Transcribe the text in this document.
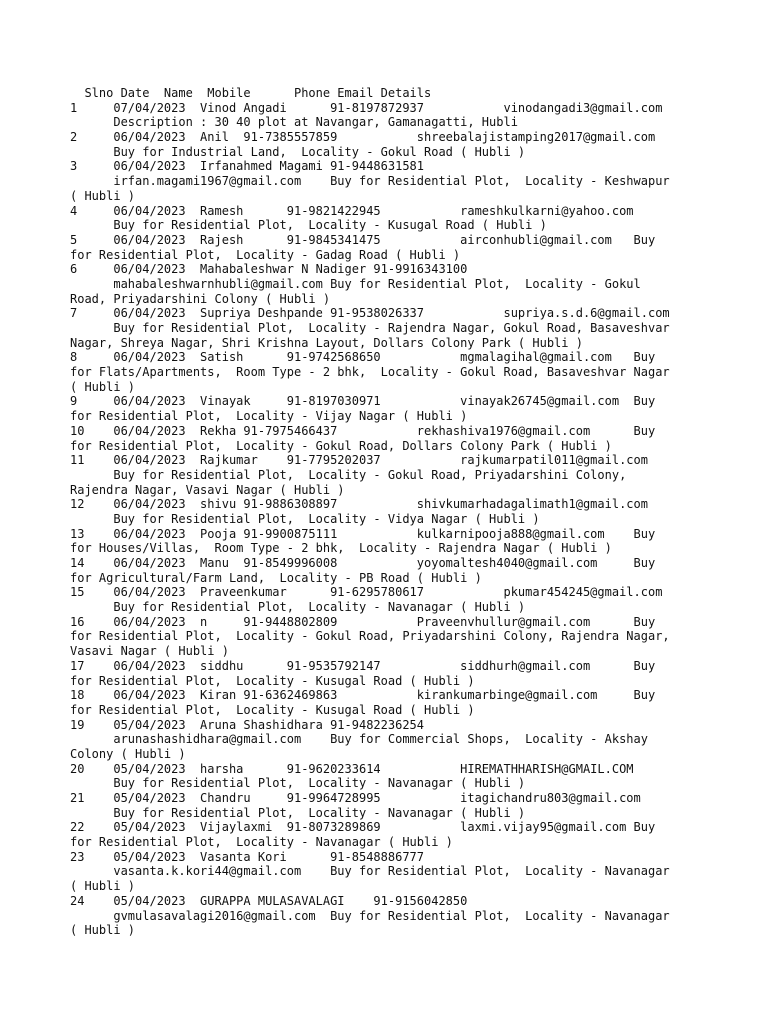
Slno Date  Name  Mobile      Phone Email Details
1     07/04/2023  Vinod Angadi      91-8197872937           vinodangadi3@gmail.com
Description : 30 40 plot at Navangar, Gamanagatti, Hubli
2     06/04/2023  Anil  91-7385557859           shreebalajistamping2017@gmail.com
Buy for Industrial Land,  Locality - Gokul Road ( Hubli )
3     06/04/2023  Irfanahmed Magami 91-9448631581
irfan.magami1967@gmail.com    Buy for Residential Plot,  Locality - Keshwapur
( Hubli )
4     06/04/2023  Ramesh      91-9821422945           rameshkulkarni@yahoo.com
Buy for Residential Plot,  Locality - Kusugal Road ( Hubli )
5     06/04/2023  Rajesh      91-9845341475           airconhubli@gmail.com   Buy
for Residential Plot,  Locality - Gadag Road ( Hubli )
6     06/04/2023  Mahabaleshwar N Nadiger 91-9916343100
mahabaleshwarnhubli@gmail.com Buy for Residential Plot,  Locality - Gokul
Road, Priyadarshini Colony ( Hubli )
7     06/04/2023  Supriya Deshpande 91-9538026337           supriya.s.d.6@gmail.com
Buy for Residential Plot,  Locality - Rajendra Nagar, Gokul Road, Basaveshvar
Nagar, Shreya Nagar, Shri Krishna Layout, Dollars Colony Park ( Hubli )
8     06/04/2023  Satish      91-9742568650           mgmalagihal@gmail.com   Buy
for Flats/Apartments,  Room Type - 2 bhk,  Locality - Gokul Road, Basaveshvar Nagar
( Hubli )
9     06/04/2023  Vinayak     91-8197030971           vinayak26745@gmail.com  Buy
for Residential Plot,  Locality - Vijay Nagar ( Hubli )
10    06/04/2023  Rekha 91-7975466437           rekhashiva1976@gmail.com      Buy
for Residential Plot,  Locality - Gokul Road, Dollars Colony Park ( Hubli )
11    06/04/2023  Rajkumar    91-7795202037           rajkumarpatil011@gmail.com
Buy for Residential Plot,  Locality - Gokul Road, Priyadarshini Colony,
Rajendra Nagar, Vasavi Nagar ( Hubli )
12    06/04/2023  shivu 91-9886308897           shivkumarhadagalimath1@gmail.com
Buy for Residential Plot,  Locality - Vidya Nagar ( Hubli )
13    06/04/2023  Pooja 91-9900875111           kulkarnipooja888@gmail.com    Buy
for Houses/Villas,  Room Type - 2 bhk,  Locality - Rajendra Nagar ( Hubli )
14    06/04/2023  Manu  91-8549996008           yoyomaltesh4040@gmail.com     Buy
for Agricultural/Farm Land,  Locality - PB Road ( Hubli )
15    06/04/2023  Praveenkumar      91-6295780617           pkumar454245@gmail.com
Buy for Residential Plot,  Locality - Navanagar ( Hubli )
16    06/04/2023  n     91-9448802809           Praveenvhullur@gmail.com      Buy
for Residential Plot,  Locality - Gokul Road, Priyadarshini Colony, Rajendra Nagar,
Vasavi Nagar ( Hubli )
17    06/04/2023  siddhu      91-9535792147           siddhurh@gmail.com      Buy
for Residential Plot,  Locality - Kusugal Road ( Hubli )
18    06/04/2023  Kiran 91-6362469863           kirankumarbinge@gmail.com     Buy
for Residential Plot,  Locality - Kusugal Road ( Hubli )
19    05/04/2023  Aruna Shashidhara 91-9482236254
arunashashidhara@gmail.com    Buy for Commercial Shops,  Locality - Akshay
Colony ( Hubli )
20    05/04/2023  harsha      91-9620233614           HIREMATHHARISH@GMAIL.COM
Buy for Residential Plot,  Locality - Navanagar ( Hubli )
21    05/04/2023  Chandru     91-9964728995           itagichandru803@gmail.com
Buy for Residential Plot,  Locality - Navanagar ( Hubli )
22    05/04/2023  Vijaylaxmi  91-8073289869           laxmi.vijay95@gmail.com Buy
for Residential Plot,  Locality - Navanagar ( Hubli )
23    05/04/2023  Vasanta Kori      91-8548886777
vasanta.k.kori44@gmail.com    Buy for Residential Plot,  Locality - Navanagar
( Hubli )
24    05/04/2023  GURAPPA MULASAVALAGI    91-9156042850
gvmulasavalagi2016@gmail.com  Buy for Residential Plot,  Locality - Navanagar
( Hubli )
